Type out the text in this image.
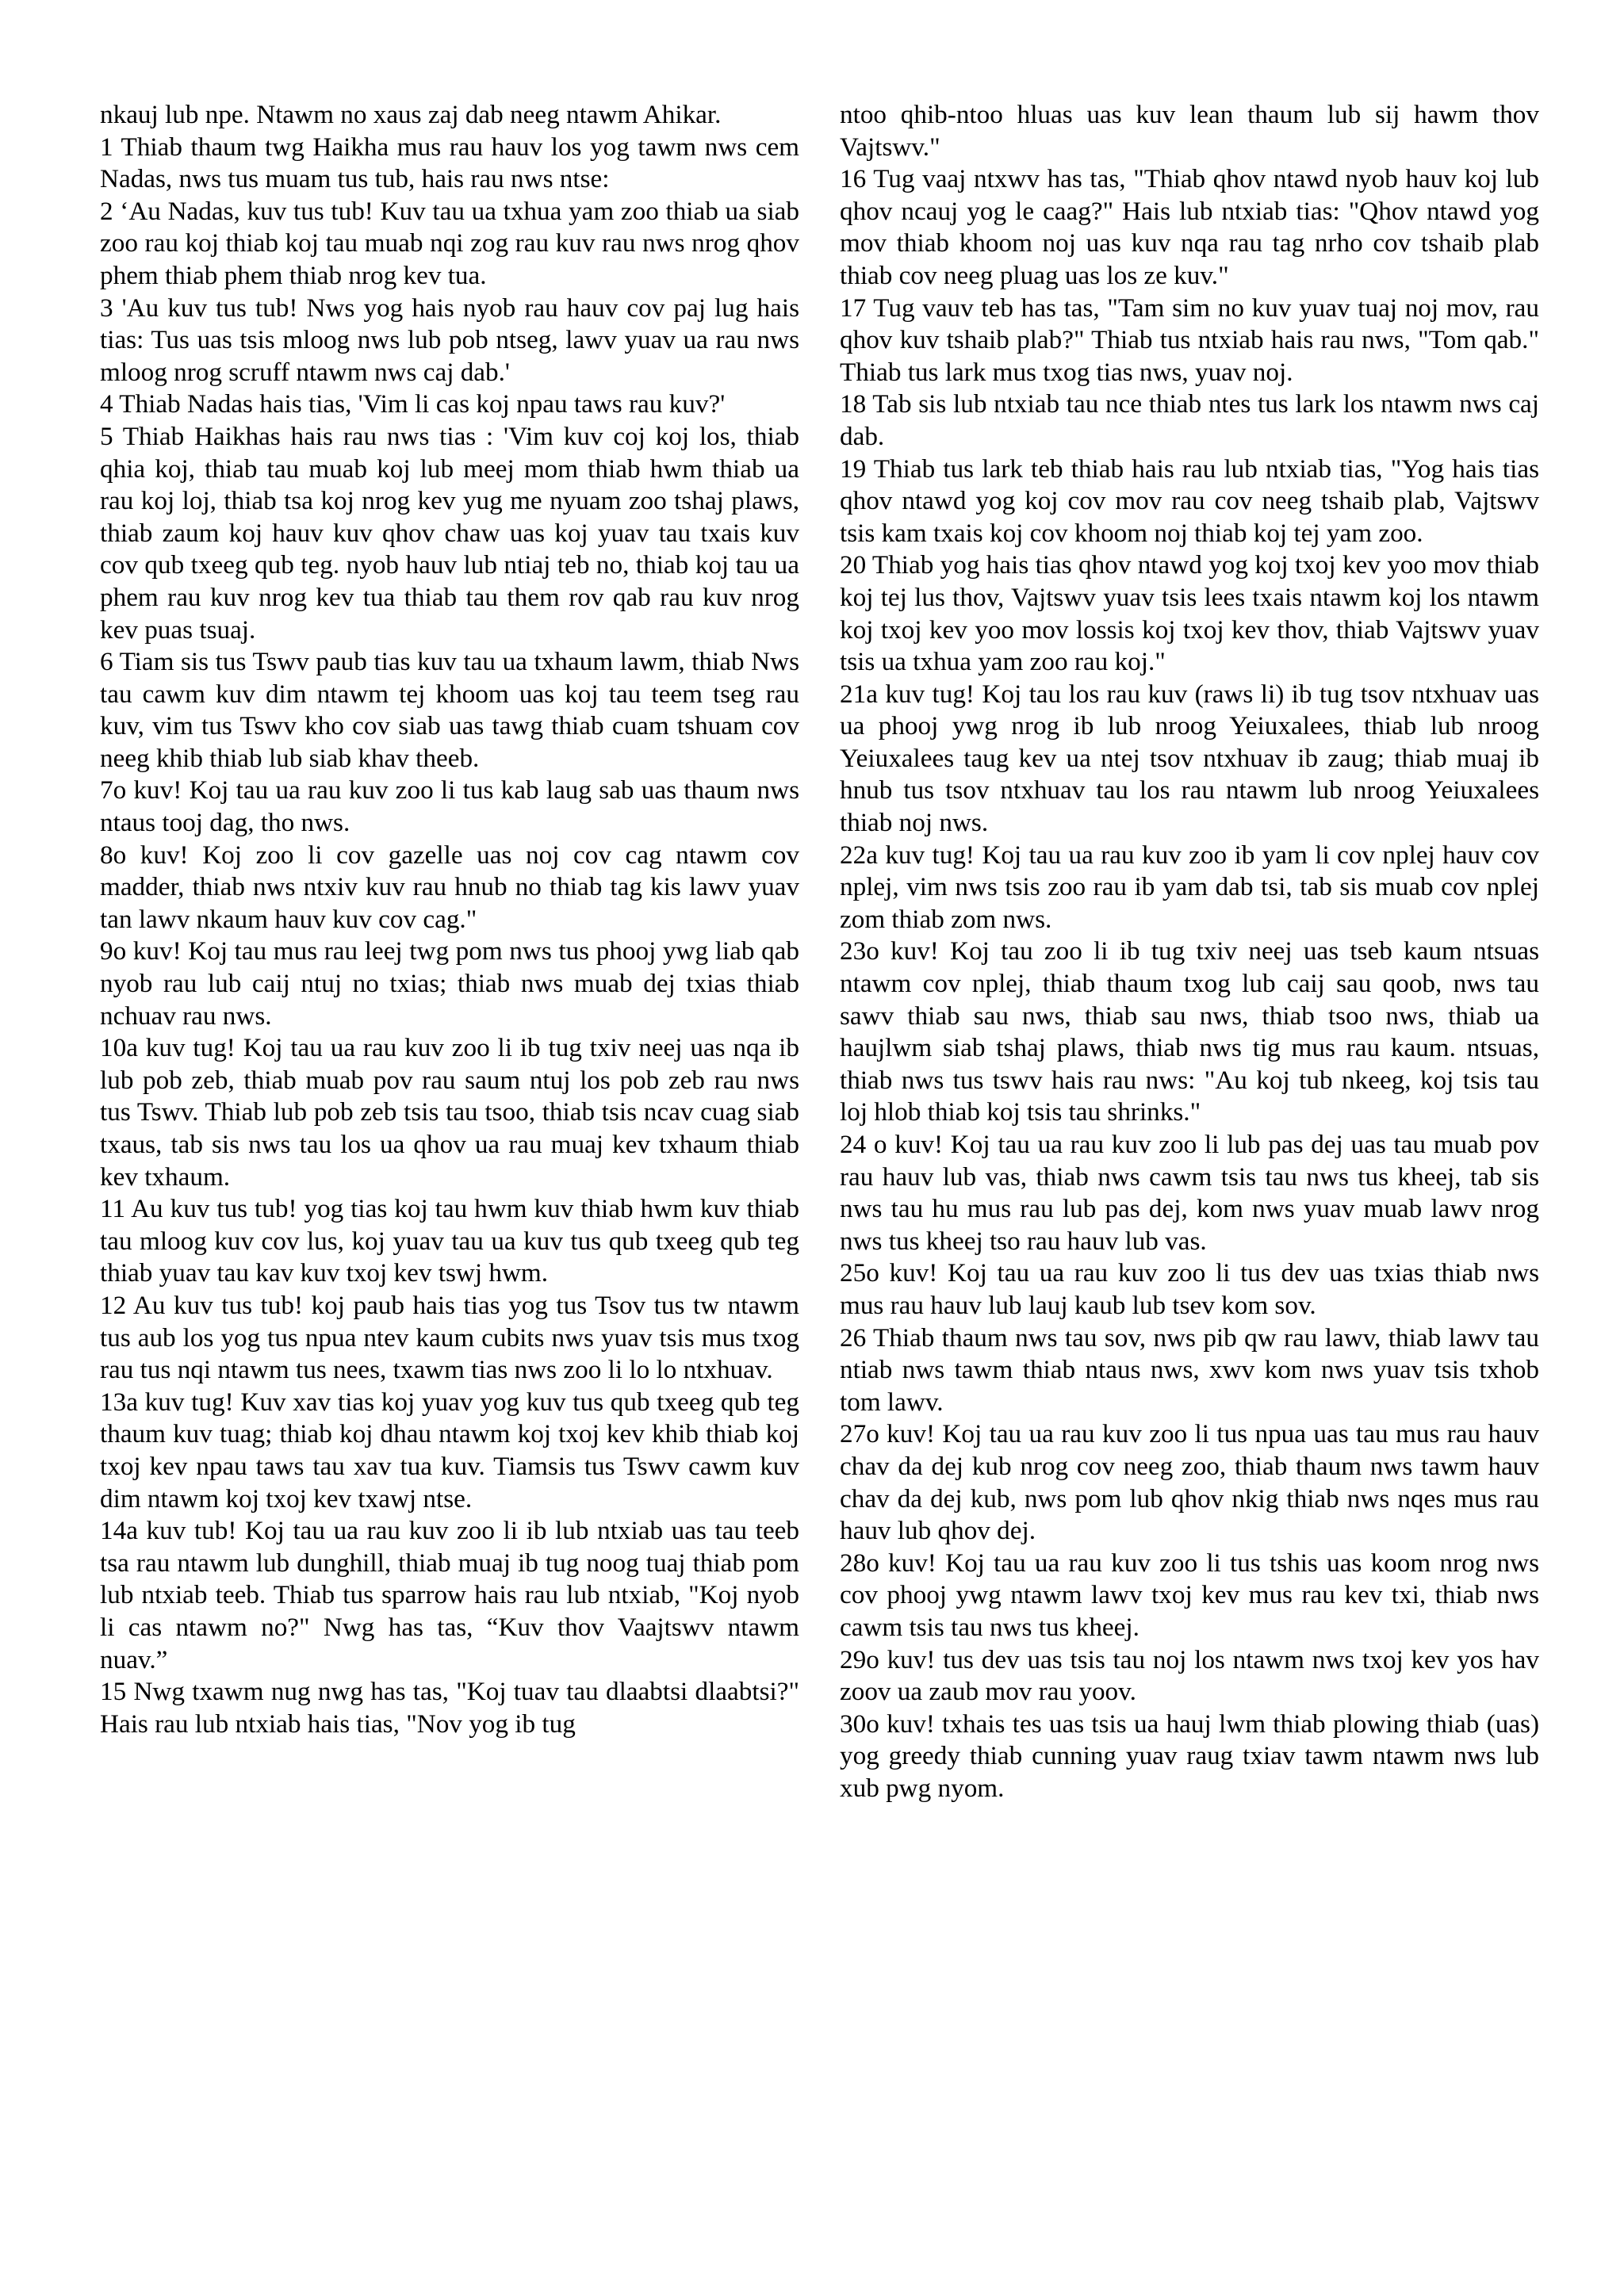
nkauj lub npe. Ntawm no xaus zaj dab neeg ntawm Ahikar.

1 Thiab thaum twg Haikha mus rau hauv los yog tawm nws cem Nadas, nws tus muam tus tub, hais rau nws ntse:

2 ‘Au Nadas, kuv tus tub! Kuv tau ua txhua yam zoo thiab ua siab zoo rau koj thiab koj tau muab nqi zog rau kuv rau nws nrog qhov phem thiab phem thiab nrog kev tua.

3 'Au kuv tus tub! Nws yog hais nyob rau hauv cov paj lug hais tias: Tus uas tsis mloog nws lub pob ntseg, lawv yuav ua rau nws mloog nrog scruff ntawm nws caj dab.'

4 Thiab Nadas hais tias, 'Vim li cas koj npau taws rau kuv?'

5 Thiab Haikhas hais rau nws tias : 'Vim kuv coj koj los, thiab qhia koj, thiab tau muab koj lub meej mom thiab hwm thiab ua rau koj loj, thiab tsa koj nrog kev yug me nyuam zoo tshaj plaws, thiab zaum koj hauv kuv qhov chaw uas koj yuav tau txais kuv cov qub txeeg qub teg. nyob hauv lub ntiaj teb no, thiab koj tau ua phem rau kuv nrog kev tua thiab tau them rov qab rau kuv nrog kev puas tsuaj.

6 Tiam sis tus Tswv paub tias kuv tau ua txhaum lawm, thiab Nws tau cawm kuv dim ntawm tej khoom uas koj tau teem tseg rau kuv, vim tus Tswv kho cov siab uas tawg thiab cuam tshuam cov neeg khib thiab lub siab khav theeb.

7o kuv! Koj tau ua rau kuv zoo li tus kab laug sab uas thaum nws ntaus tooj dag, tho nws.

8o kuv! Koj zoo li cov gazelle uas noj cov cag ntawm cov madder, thiab nws ntxiv kuv rau hnub no thiab tag kis lawv yuav tan lawv nkaum hauv kuv cov cag."

9o kuv! Koj tau mus rau leej twg pom nws tus phooj ywg liab qab nyob rau lub caij ntuj no txias; thiab nws muab dej txias thiab nchuav rau nws.

10a kuv tug! Koj tau ua rau kuv zoo li ib tug txiv neej uas nqa ib lub pob zeb, thiab muab pov rau saum ntuj los pob zeb rau nws tus Tswv. Thiab lub pob zeb tsis tau tsoo, thiab tsis ncav cuag siab txaus, tab sis nws tau los ua qhov ua rau muaj kev txhaum thiab kev txhaum.

11 Au kuv tus tub! yog tias koj tau hwm kuv thiab hwm kuv thiab tau mloog kuv cov lus, koj yuav tau ua kuv tus qub txeeg qub teg thiab yuav tau kav kuv txoj kev tswj hwm.

12 Au kuv tus tub! koj paub hais tias yog tus Tsov tus tw ntawm tus aub los yog tus npua ntev kaum cubits nws yuav tsis mus txog rau tus nqi ntawm tus nees, txawm tias nws zoo li lo lo ntxhuav.

13a kuv tug! Kuv xav tias koj yuav yog kuv tus qub txeeg qub teg thaum kuv tuag; thiab koj dhau ntawm koj txoj kev khib thiab koj txoj kev npau taws tau xav tua kuv. Tiamsis tus Tswv cawm kuv dim ntawm koj txoj kev txawj ntse.

14a kuv tub! Koj tau ua rau kuv zoo li ib lub ntxiab uas tau teeb tsa rau ntawm lub dunghill, thiab muaj ib tug noog tuaj thiab pom lub ntxiab teeb. Thiab tus sparrow hais rau lub ntxiab, "Koj nyob li cas ntawm no?" Nwg has tas, “Kuv thov Vaajtswv ntawm nuav.”

15 Nwg txawm nug nwg has tas, "Koj tuav tau dlaabtsi dlaabtsi?" Hais rau lub ntxiab hais tias, "Nov yog ib tug

ntoo qhib-ntoo hluas uas kuv lean thaum lub sij hawm thov Vajtswv."

16 Tug vaaj ntxwv has tas, "Thiab qhov ntawd nyob hauv koj lub qhov ncauj yog le caag?" Hais lub ntxiab tias: "Qhov ntawd yog mov thiab khoom noj uas kuv nqa rau tag nrho cov tshaib plab thiab cov neeg pluag uas los ze kuv."

17 Tug vauv teb has tas, "Tam sim no kuv yuav tuaj noj mov, rau qhov kuv tshaib plab?" Thiab tus ntxiab hais rau nws, "Tom qab." Thiab tus lark mus txog tias nws, yuav noj.

18 Tab sis lub ntxiab tau nce thiab ntes tus lark los ntawm nws caj dab.

19 Thiab tus lark teb thiab hais rau lub ntxiab tias, "Yog hais tias qhov ntawd yog koj cov mov rau cov neeg tshaib plab, Vajtswv tsis kam txais koj cov khoom noj thiab koj tej yam zoo.

20 Thiab yog hais tias qhov ntawd yog koj txoj kev yoo mov thiab koj tej lus thov, Vajtswv yuav tsis lees txais ntawm koj los ntawm koj txoj kev yoo mov lossis koj txoj kev thov, thiab Vajtswv yuav tsis ua txhua yam zoo rau koj."

21a kuv tug! Koj tau los rau kuv (raws li) ib tug tsov ntxhuav uas ua phooj ywg nrog ib lub nroog Yeiuxalees, thiab lub nroog Yeiuxalees taug kev ua ntej tsov ntxhuav ib zaug; thiab muaj ib hnub tus tsov ntxhuav tau los rau ntawm lub nroog Yeiuxalees thiab noj nws.

22a kuv tug! Koj tau ua rau kuv zoo ib yam li cov nplej hauv cov nplej, vim nws tsis zoo rau ib yam dab tsi, tab sis muab cov nplej zom thiab zom nws.

23o kuv! Koj tau zoo li ib tug txiv neej uas tseb kaum ntsuas ntawm cov nplej, thiab thaum txog lub caij sau qoob, nws tau sawv thiab sau nws, thiab sau nws, thiab tsoo nws, thiab ua haujlwm siab tshaj plaws, thiab nws tig mus rau kaum. ntsuas, thiab nws tus tswv hais rau nws: "Au koj tub nkeeg, koj tsis tau loj hlob thiab koj tsis tau shrinks."

24 o kuv! Koj tau ua rau kuv zoo li lub pas dej uas tau muab pov rau hauv lub vas, thiab nws cawm tsis tau nws tus kheej, tab sis nws tau hu mus rau lub pas dej, kom nws yuav muab lawv nrog nws tus kheej tso rau hauv lub vas.

25o kuv! Koj tau ua rau kuv zoo li tus dev uas txias thiab nws mus rau hauv lub lauj kaub lub tsev kom sov.

26 Thiab thaum nws tau sov, nws pib qw rau lawv, thiab lawv tau ntiab nws tawm thiab ntaus nws, xwv kom nws yuav tsis txhob tom lawv.

27o kuv! Koj tau ua rau kuv zoo li tus npua uas tau mus rau hauv chav da dej kub nrog cov neeg zoo, thiab thaum nws tawm hauv chav da dej kub, nws pom lub qhov nkig thiab nws nqes mus rau hauv lub qhov dej.

28o kuv! Koj tau ua rau kuv zoo li tus tshis uas koom nrog nws cov phooj ywg ntawm lawv txoj kev mus rau kev txi, thiab nws cawm tsis tau nws tus kheej.

29o kuv! tus dev uas tsis tau noj los ntawm nws txoj kev yos hav zoov ua zaub mov rau yoov.

30o kuv! txhais tes uas tsis ua hauj lwm thiab plowing thiab (uas) yog greedy thiab cunning yuav raug txiav tawm ntawm nws lub xub pwg nyom.
